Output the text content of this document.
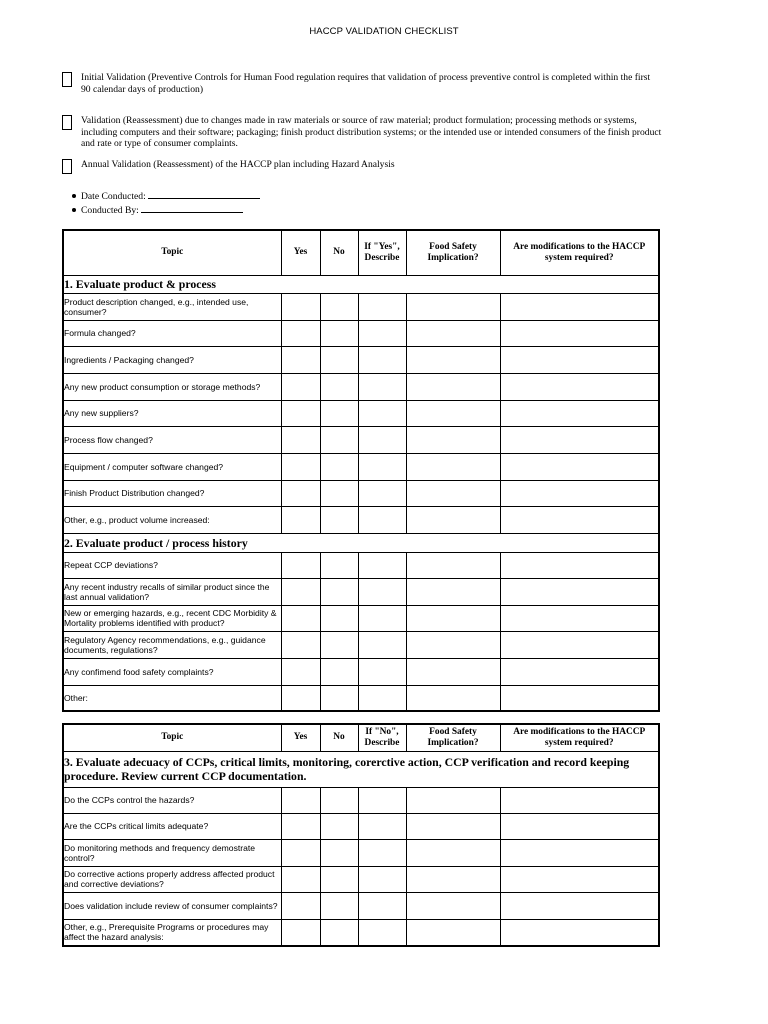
HACCP VALIDATION CHECKLIST
Initial Validation (Preventive Controls for Human Food regulation requires that validation of process preventive control is completed within the first 90 calendar days of production)
Validation (Reassessment) due to changes made in raw materials or source of raw material; product formulation; processing methods or systems, including computers and their software; packaging; finish product distribution systems; or the intended use or intended consumers of the finish product and rate or type of consumer complaints.
Annual Validation (Reassessment) of the HACCP plan including Hazard Analysis
Date Conducted:
Conducted By:
Topic	Yes	No	If "Yes", Describe	Food Safety Implication?	Are modifications to the HACCP system required?
1. Evaluate product & process					
Product description changed, e.g., intended use, consumer?					
Formula changed?					
Ingredients / Packaging changed?					
Any new product consumption or storage methods?					
Any new suppliers?					
Process flow changed?					
Equipment / computer software changed?					
Finish Product Distribution changed?					
Other, e.g., product volume increased:					
2. Evaluate product / process history					
Repeat CCP deviations?					
Any recent industry recalls of similar product since the last annual validation?					
New or emerging hazards, e.g., recent CDC Morbidity & Mortality problems identified with product?					
Regulatory Agency recommendations, e.g., guidance documents, regulations?					
Any confimend food safety complaints?					
Other:					
Topic	Yes	No	If "No", Describe	Food Safety Implication?	Are modifications to the HACCP system required?
3. Evaluate adecuacy of CCPs, critical limits, monitoring, corerctive action, CCP verification and record keeping procedure. Review current CCP documentation.					
Do the CCPs control the hazards?					
Are the CCPs critical limits adequate?					
Do monitoring methods and frequency demostrate control?					
Do corrective actions properly address affected product and corrective deviations?					
Does validation include review of consumer complaints?					
Other, e.g., Prerequisite Programs or procedures may affect the hazard analysis:					
